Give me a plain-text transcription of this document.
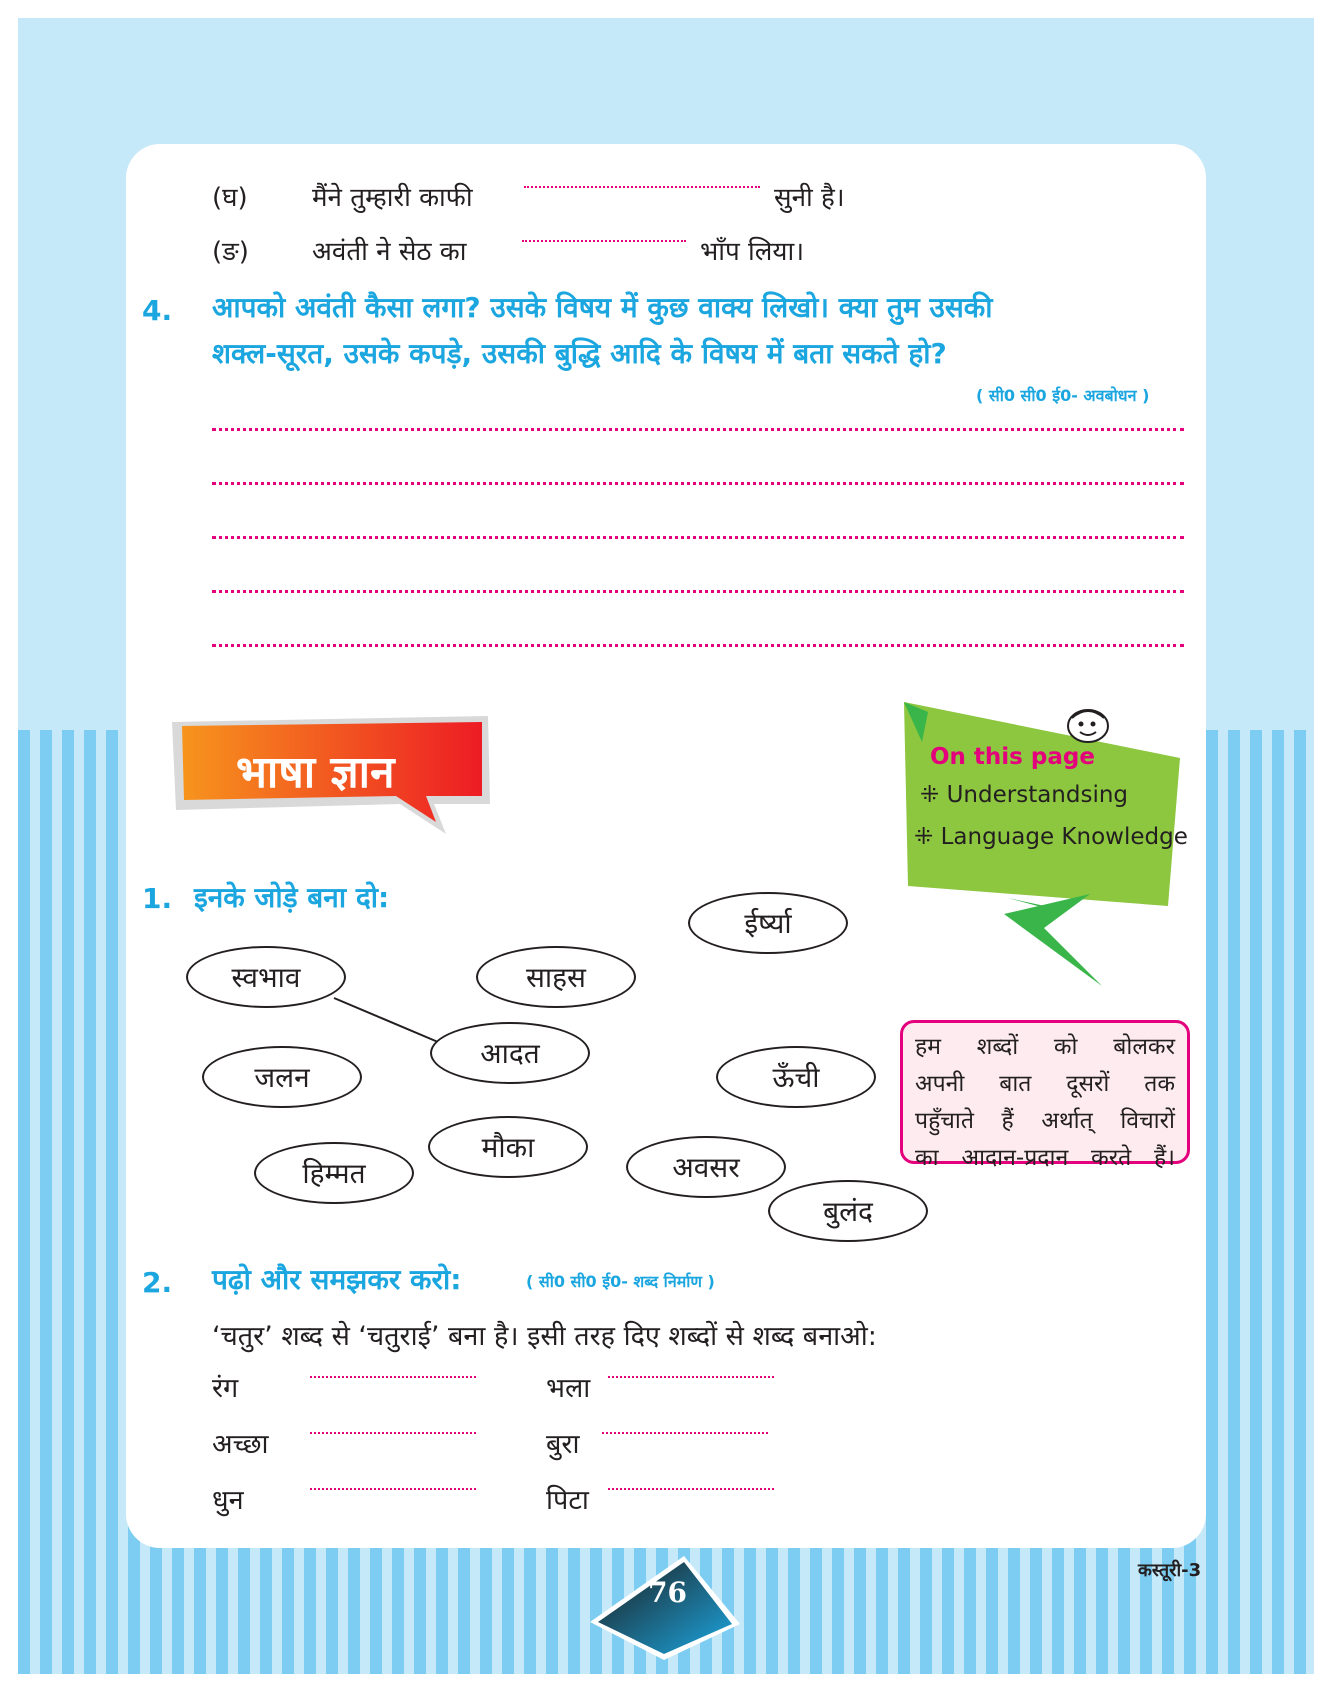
(घ) मैंने तुम्हारी काफी	सुनी है।
(ङ) अवंती ने सेठ का	भाँप लिया।
4. आपको अवंती कैसा लगा? उसके विषय में कुछ वाक्य लिखो। क्या तुम उसकी
शक्ल-सूरत, उसके कपड़े, उसकी बुद्धि आदि के विषय में बता सकते हो?
( सी0 सी0 ई0- अवबोधन )
भाषा ज्ञान	On this page
⁜ Understandsing
⁜ Language Knowledge
1. इनके जोड़े बना दो:
स्वभाव	साहस
ईर्ष्या
आदत
जलन	ऊँची
मौका
हिम्मत	अवसर
बुलंद
हम शब्दों को बोलकर
अपनी बात दूसरों तक
पहुँचाते हैं अर्थात् विचारों
का आदान-प्रदान करते हैं।
2. पढ़ो और समझकर करो:	( सी0 सी0 ई0- शब्द निर्माण )
‘चतुर’ शब्द से ‘चतुराई’ बना है। इसी तरह दिए शब्दों से शब्द बनाओ:
रंग	भला
अच्छा	बुरा
धुन	पिटा
76
कस्तूरी-3
